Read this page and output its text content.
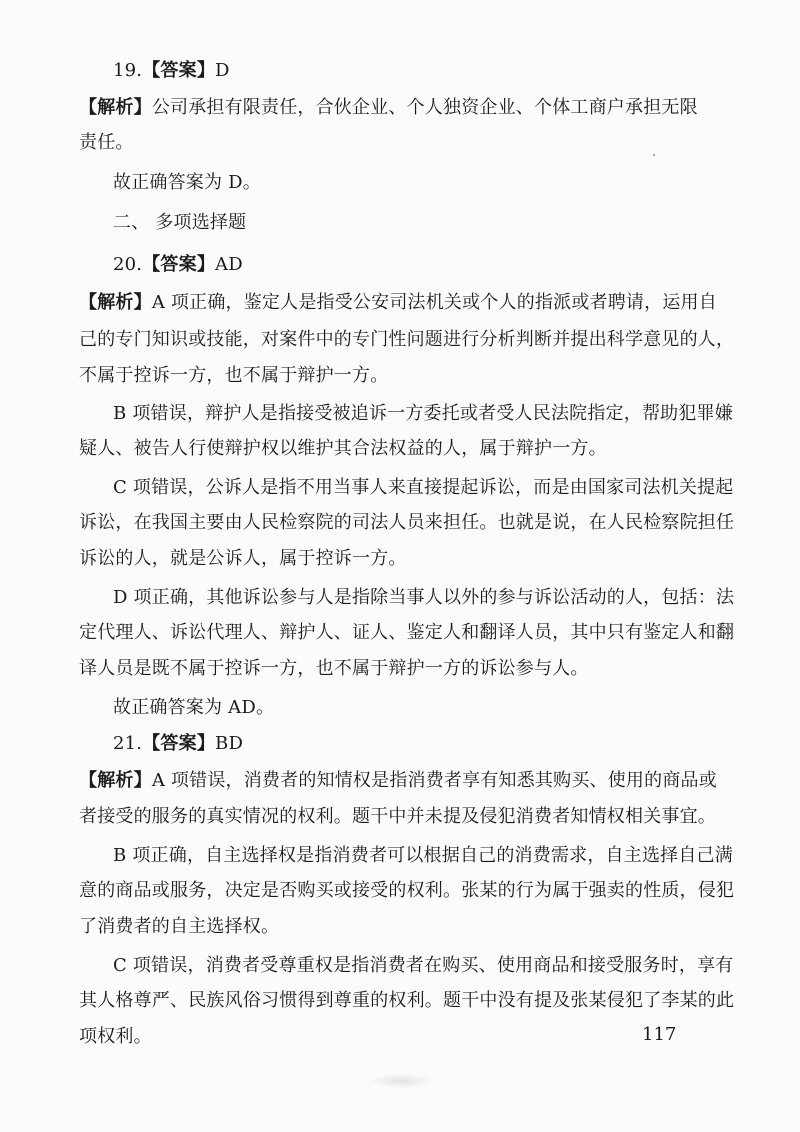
19.【答案】D
【解析】公司承担有限责任，合伙企业、个人独资企业、个体工商户承担无限
责任。
故正确答案为 D。
二、 多项选择题
20.【答案】AD
【解析】A 项正确，鉴定人是指受公安司法机关或个人的指派或者聘请，运用自
己的专门知识或技能，对案件中的专门性问题进行分析判断并提出科学意见的人，
不属于控诉一方，也不属于辩护一方。
B 项错误，辩护人是指接受被追诉一方委托或者受人民法院指定，帮助犯罪嫌
疑人、被告人行使辩护权以维护其合法权益的人，属于辩护一方。
C 项错误，公诉人是指不用当事人来直接提起诉讼，而是由国家司法机关提起
诉讼，在我国主要由人民检察院的司法人员来担任。也就是说，在人民检察院担任
诉讼的人，就是公诉人，属于控诉一方。
D 项正确，其他诉讼参与人是指除当事人以外的参与诉讼活动的人，包括：法
定代理人、诉讼代理人、辩护人、证人、鉴定人和翻译人员，其中只有鉴定人和翻
译人员是既不属于控诉一方，也不属于辩护一方的诉讼参与人。
故正确答案为 AD。
21.【答案】BD
【解析】A 项错误，消费者的知情权是指消费者享有知悉其购买、使用的商品或
者接受的服务的真实情况的权利。题干中并未提及侵犯消费者知情权相关事宜。
B 项正确，自主选择权是指消费者可以根据自己的消费需求，自主选择自己满
意的商品或服务，决定是否购买或接受的权利。张某的行为属于强卖的性质，侵犯
了消费者的自主选择权。
C 项错误，消费者受尊重权是指消费者在购买、使用商品和接受服务时，享有
其人格尊严、民族风俗习惯得到尊重的权利。题干中没有提及张某侵犯了李某的此
项权利。	117
